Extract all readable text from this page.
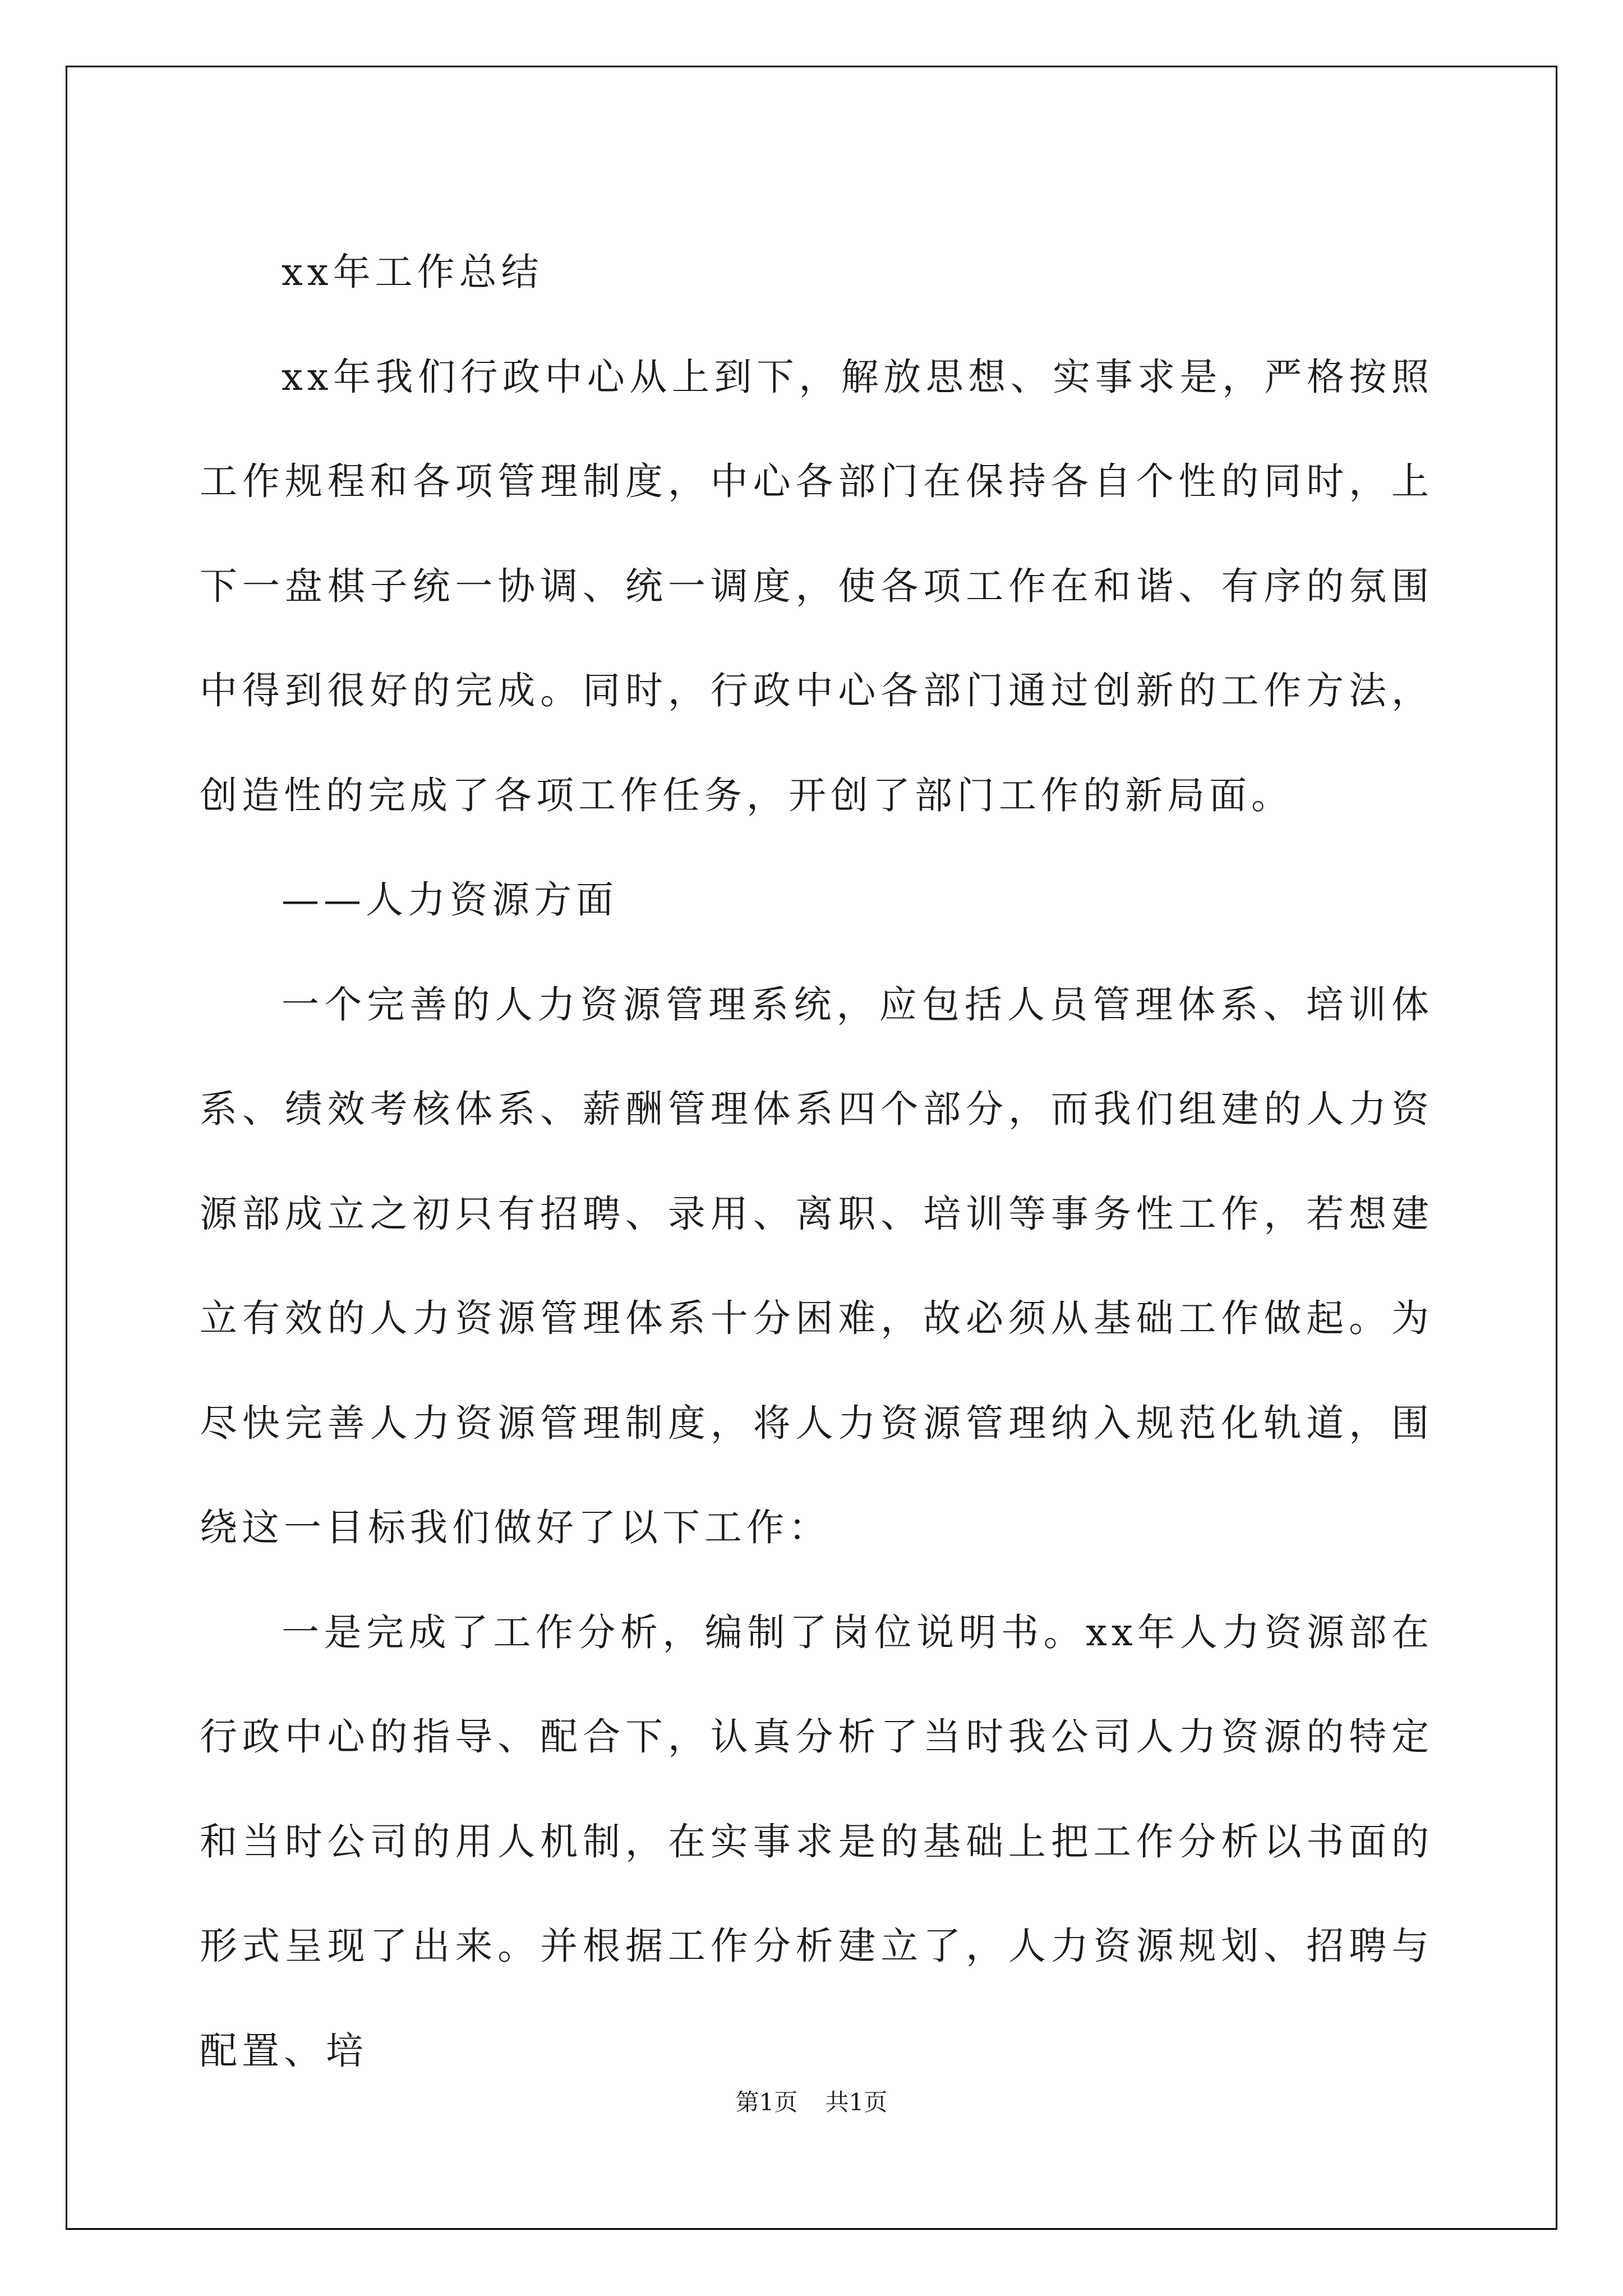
xx年工作总结

xx年我们行政中心从上到下，解放思想、实事求是，严格按照工作规程和各项管理制度，中心各部门在保持各自个性的同时，上下一盘棋子统一协调、统一调度，使各项工作在和谐、有序的氛围中得到很好的完成。同时，行政中心各部门通过创新的工作方法，创造性的完成了各项工作任务，开创了部门工作的新局面。

——人力资源方面

一个完善的人力资源管理系统，应包括人员管理体系、培训体系、绩效考核体系、薪酬管理体系四个部分，而我们组建的人力资源部成立之初只有招聘、录用、离职、培训等事务性工作，若想建立有效的人力资源管理体系十分困难，故必须从基础工作做起。为尽快完善人力资源管理制度，将人力资源管理纳入规范化轨道，围绕这一目标我们做好了以下工作：

一是完成了工作分析，编制了岗位说明书。xx年人力资源部在行政中心的指导、配合下，认真分析了当时我公司人力资源的特定和当时公司的用人机制，在实事求是的基础上把工作分析以书面的形式呈现了出来。并根据工作分析建立了，人力资源规划、招聘与配置、培

第1页 共1页
